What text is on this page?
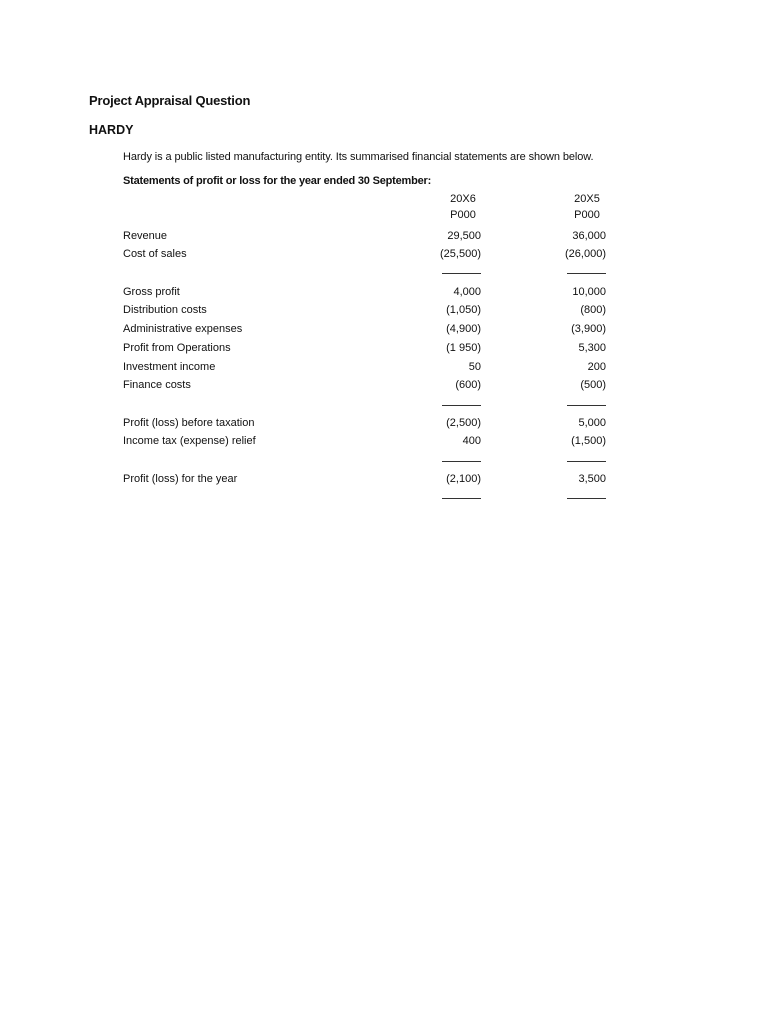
Project Appraisal Question
HARDY
Hardy is a public listed manufacturing entity. Its summarised financial statements are shown below.
Statements of profit or loss for the year ended 30 September:
20X6	20X5
P000	P000
Revenue	29,500	36,000
Cost of sales	(25,500)	(26,000)
Gross profit	4,000	10,000
Distribution costs	(1,050)	(800)
Administrative expenses	(4,900)	(3,900)
Profit from Operations	(1 950)	5,300
Investment income	50	200
Finance costs	(600)	(500)
Profit (loss) before taxation	(2,500)	5,000
Income tax (expense) relief	400	(1,500)
Profit (loss) for the year	(2,100)	3,500
